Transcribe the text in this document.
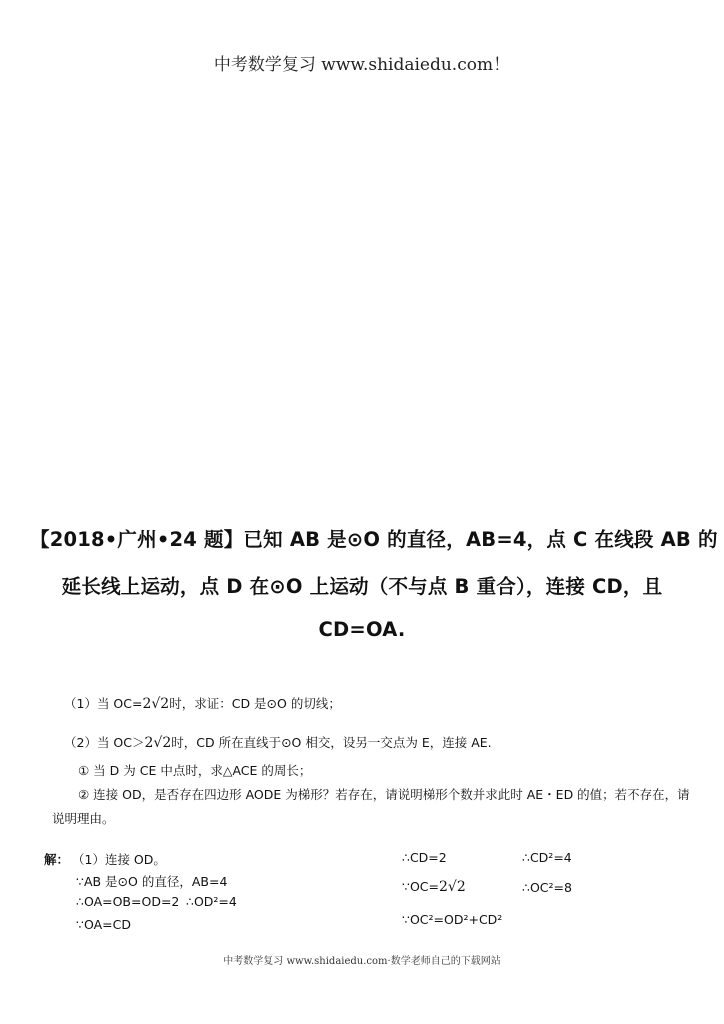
中考数学复习 www.shidaiedu.com！
【2018•广州•24 题】已知 AB 是⊙O 的直径，AB=4，点 C 在线段 AB 的
延长线上运动，点 D 在⊙O 上运动（不与点 B 重合），连接 CD，且
CD=OA.
（1）当 OC=2√2时，求证：CD 是⊙O 的切线；
（2）当 OC＞2√2时，CD 所在直线于⊙O 相交，设另一交点为 E，连接 AE.
① 当 D 为 CE 中点时，求△ACE 的周长；
② 连接 OD，是否存在四边形 AODE 为梯形？若存在，请说明梯形个数并求此时 AE・ED 的值；若不存在，请
说明理由。
解： （1）连接 OD。
∵AB 是⊙O 的直径，AB=4
∴OA=OB=OD=2 ∴OD²=4
∵OA=CD
∴CD=2	∴CD²=4
∵OC=2√2	∴OC²=8
∵OC²=OD²+CD²
中考数学复习 www.shidaiedu.com·数学老师自己的下载网站
